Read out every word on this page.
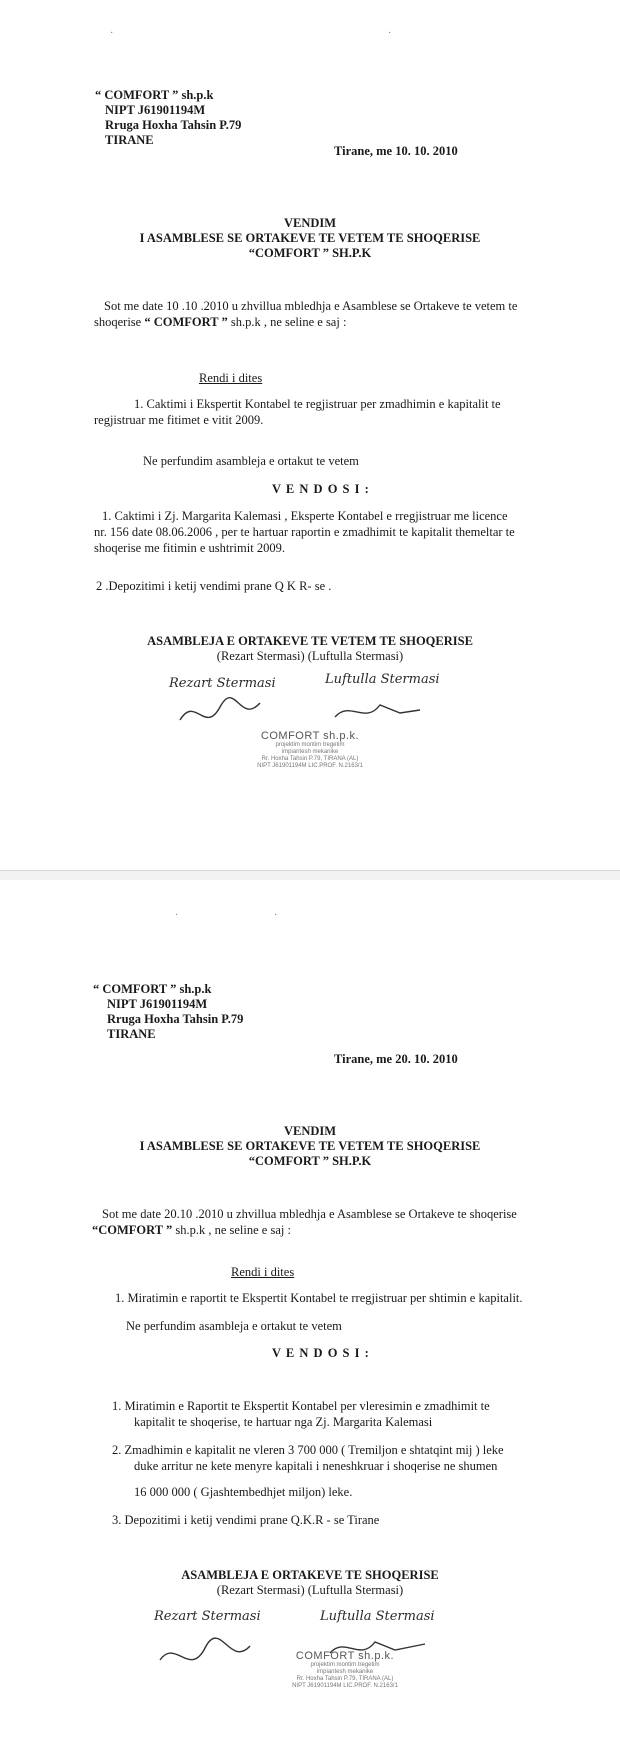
·	·
“ COMFORT ” sh.p.k
NIPT J61901194M
Rruga Hoxha Tahsin P.79
TIRANE
Tirane, me 10. 10. 2010
VENDIM
I ASAMBLESE SE ORTAKEVE TE VETEM TE SHOQERISE
“COMFORT ” SH.P.K
Sot me date 10 .10 .2010 u zhvillua mbledhja e Asamblese se Ortakeve te vetem te
shoqerise “ COMFORT ” sh.p.k , ne seline e saj :
Rendi i dites
1. Caktimi i Ekspertit Kontabel te regjistruar per zmadhimin e kapitalit te
regjistruar me fitimet e vitit 2009.
Ne perfundim asambleja e ortakut te vetem
V E N D O S I :
1. Caktimi i Zj. Margarita Kalemasi , Eksperte Kontabel e rregjistruar me licence
nr. 156 date 08.06.2006 , per te hartuar raportin e zmadhimit te kapitalit themeltar te
shoqerise me fitimin e ushtrimit 2009.
2 .Depozitimi i ketij vendimi prane Q K R- se .
ASAMBLEJA E ORTAKEVE TE VETEM TE SHOQERISE
(Rezart Stermasi) (Luftulla Stermasi)
Rezart Stermasi	Luftulla Stermasi
COMFORT sh.p.k.
projektim montim tregetim
impiantesh mekanike
Rr. Hoxha Tahsin P.79, TIRANA (AL)
NIPT J61901194M LIC.PROF. N.2163/1
·	·
“ COMFORT ” sh.p.k
NIPT J61901194M
Rruga Hoxha Tahsin P.79
TIRANE
Tirane, me 20. 10. 2010
VENDIM
I ASAMBLESE SE ORTAKEVE TE VETEM TE SHOQERISE
“COMFORT ” SH.P.K
Sot me date 20.10 .2010 u zhvillua mbledhja e Asamblese se Ortakeve te shoqerise
“COMFORT ” sh.p.k , ne seline e saj :
Rendi i dites
1. Miratimin e raportit te Ekspertit Kontabel te rregjistruar per shtimin e kapitalit.
Ne perfundim asambleja e ortakut te vetem
V E N D O S I :
1. Miratimin e Raportit te Ekspertit Kontabel per vleresimin e zmadhimit te
kapitalit te shoqerise, te hartuar nga Zj. Margarita Kalemasi
2. Zmadhimin e kapitalit ne vleren 3 700 000 ( Tremiljon e shtatqint mij ) leke
duke arritur ne kete menyre kapitali i neneshkruar i shoqerise ne shumen
16 000 000 ( Gjashtembedhjet miljon) leke.
3. Depozitimi i ketij vendimi prane Q.K.R - se Tirane
ASAMBLEJA E ORTAKEVE TE SHOQERISE
(Rezart Stermasi) (Luftulla Stermasi)
Rezart Stermasi	Luftulla Stermasi
COMFORT sh.p.k.
projektim montim tregetim
impiantesh mekanike
Rr. Hoxha Tahsin P.79, TIRANA (AL)
NIPT J61901194M LIC.PROF. N.2163/1
